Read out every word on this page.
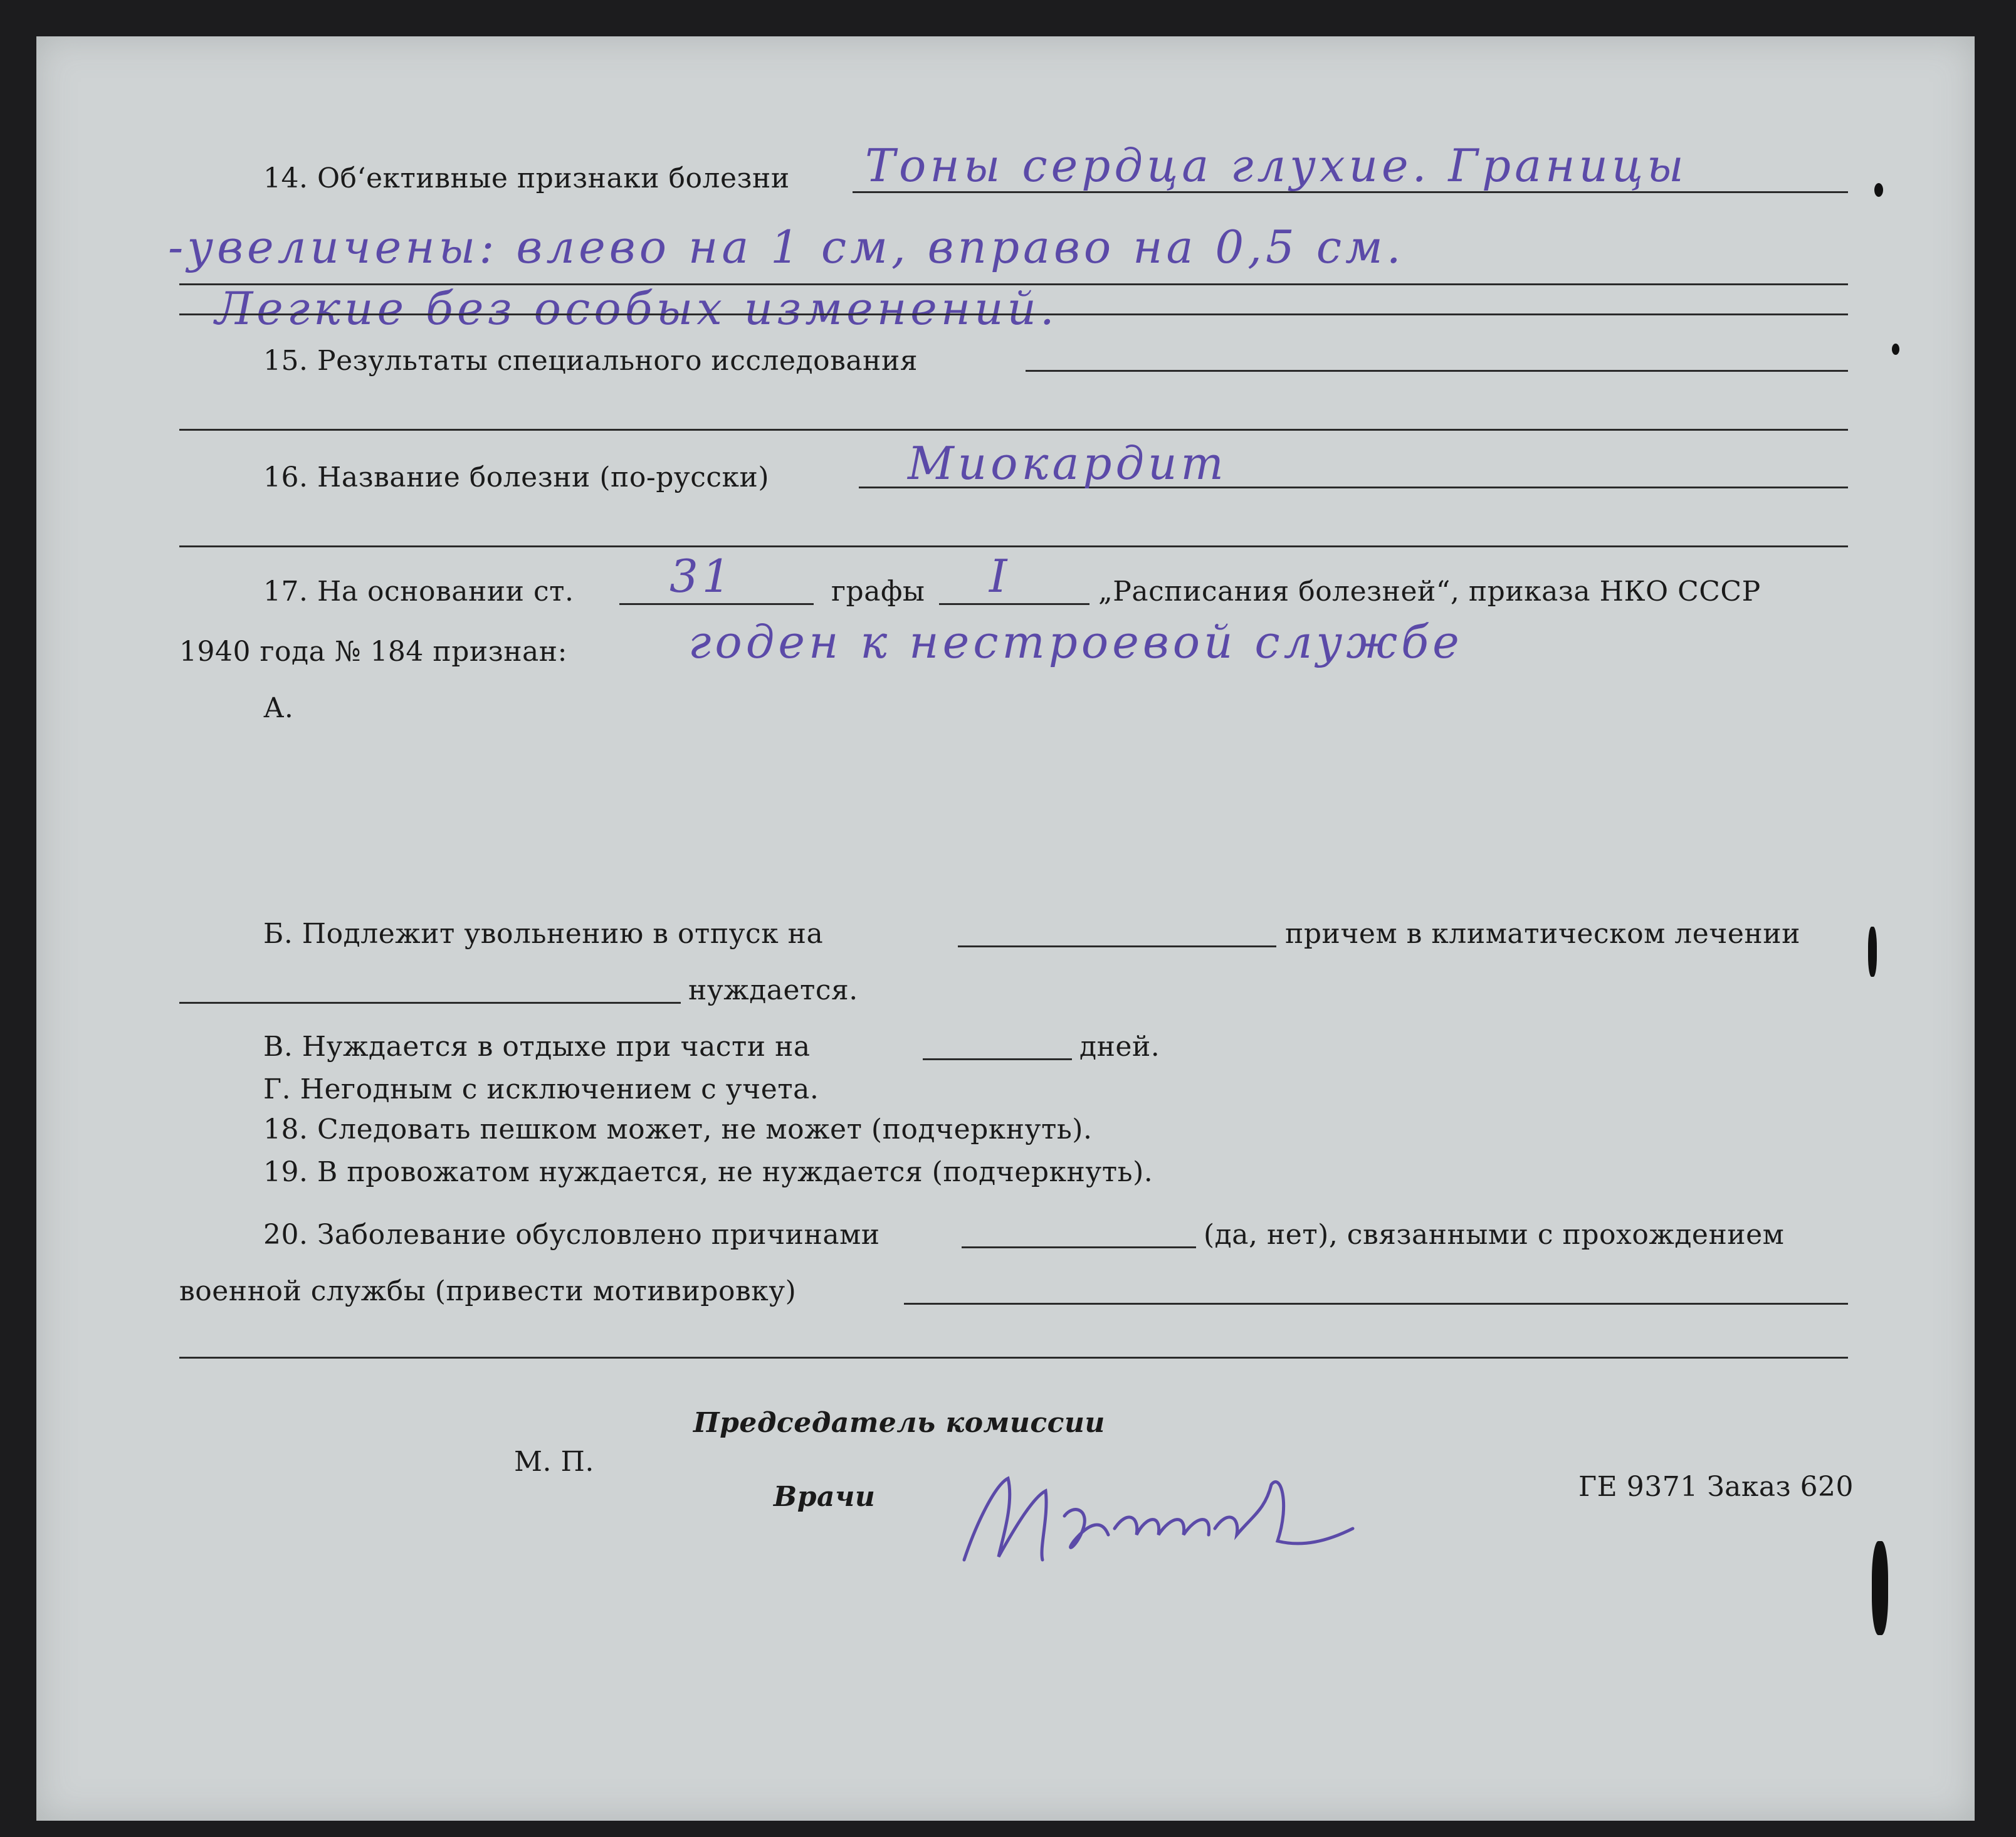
14. Об‘ективные признаки болезни Тоны сердца глухие. Границы
-увеличены: влево на 1 см, вправо на 0,5 см.
Легкие без особых изменений.
15. Результаты специального исследования
16. Название болезни (по-русски)	Миокардит
17. На основании ст. 31	графы I	„Расписания болезней“, приказа НКО СССР
1940 года № 184 признан:	годен к нестроевой службе
А.
Б. Подлежит увольнению в отпуск на	причем в климатическом лечении
нуждается.
В. Нуждается в отдыхе при части на	дней.
Г. Негодным с исключением с учета.
18. Следовать пешком может, не может (подчеркнуть).
19. В провожатом нуждается, не нуждается (подчеркнуть).
20. Заболевание обусловлено причинами	(да, нет), связанными с прохождением
военной службы (привести мотивировку)
Председатель комиссии
М. П.
Врачи	ГЕ 9371 Заказ 620
